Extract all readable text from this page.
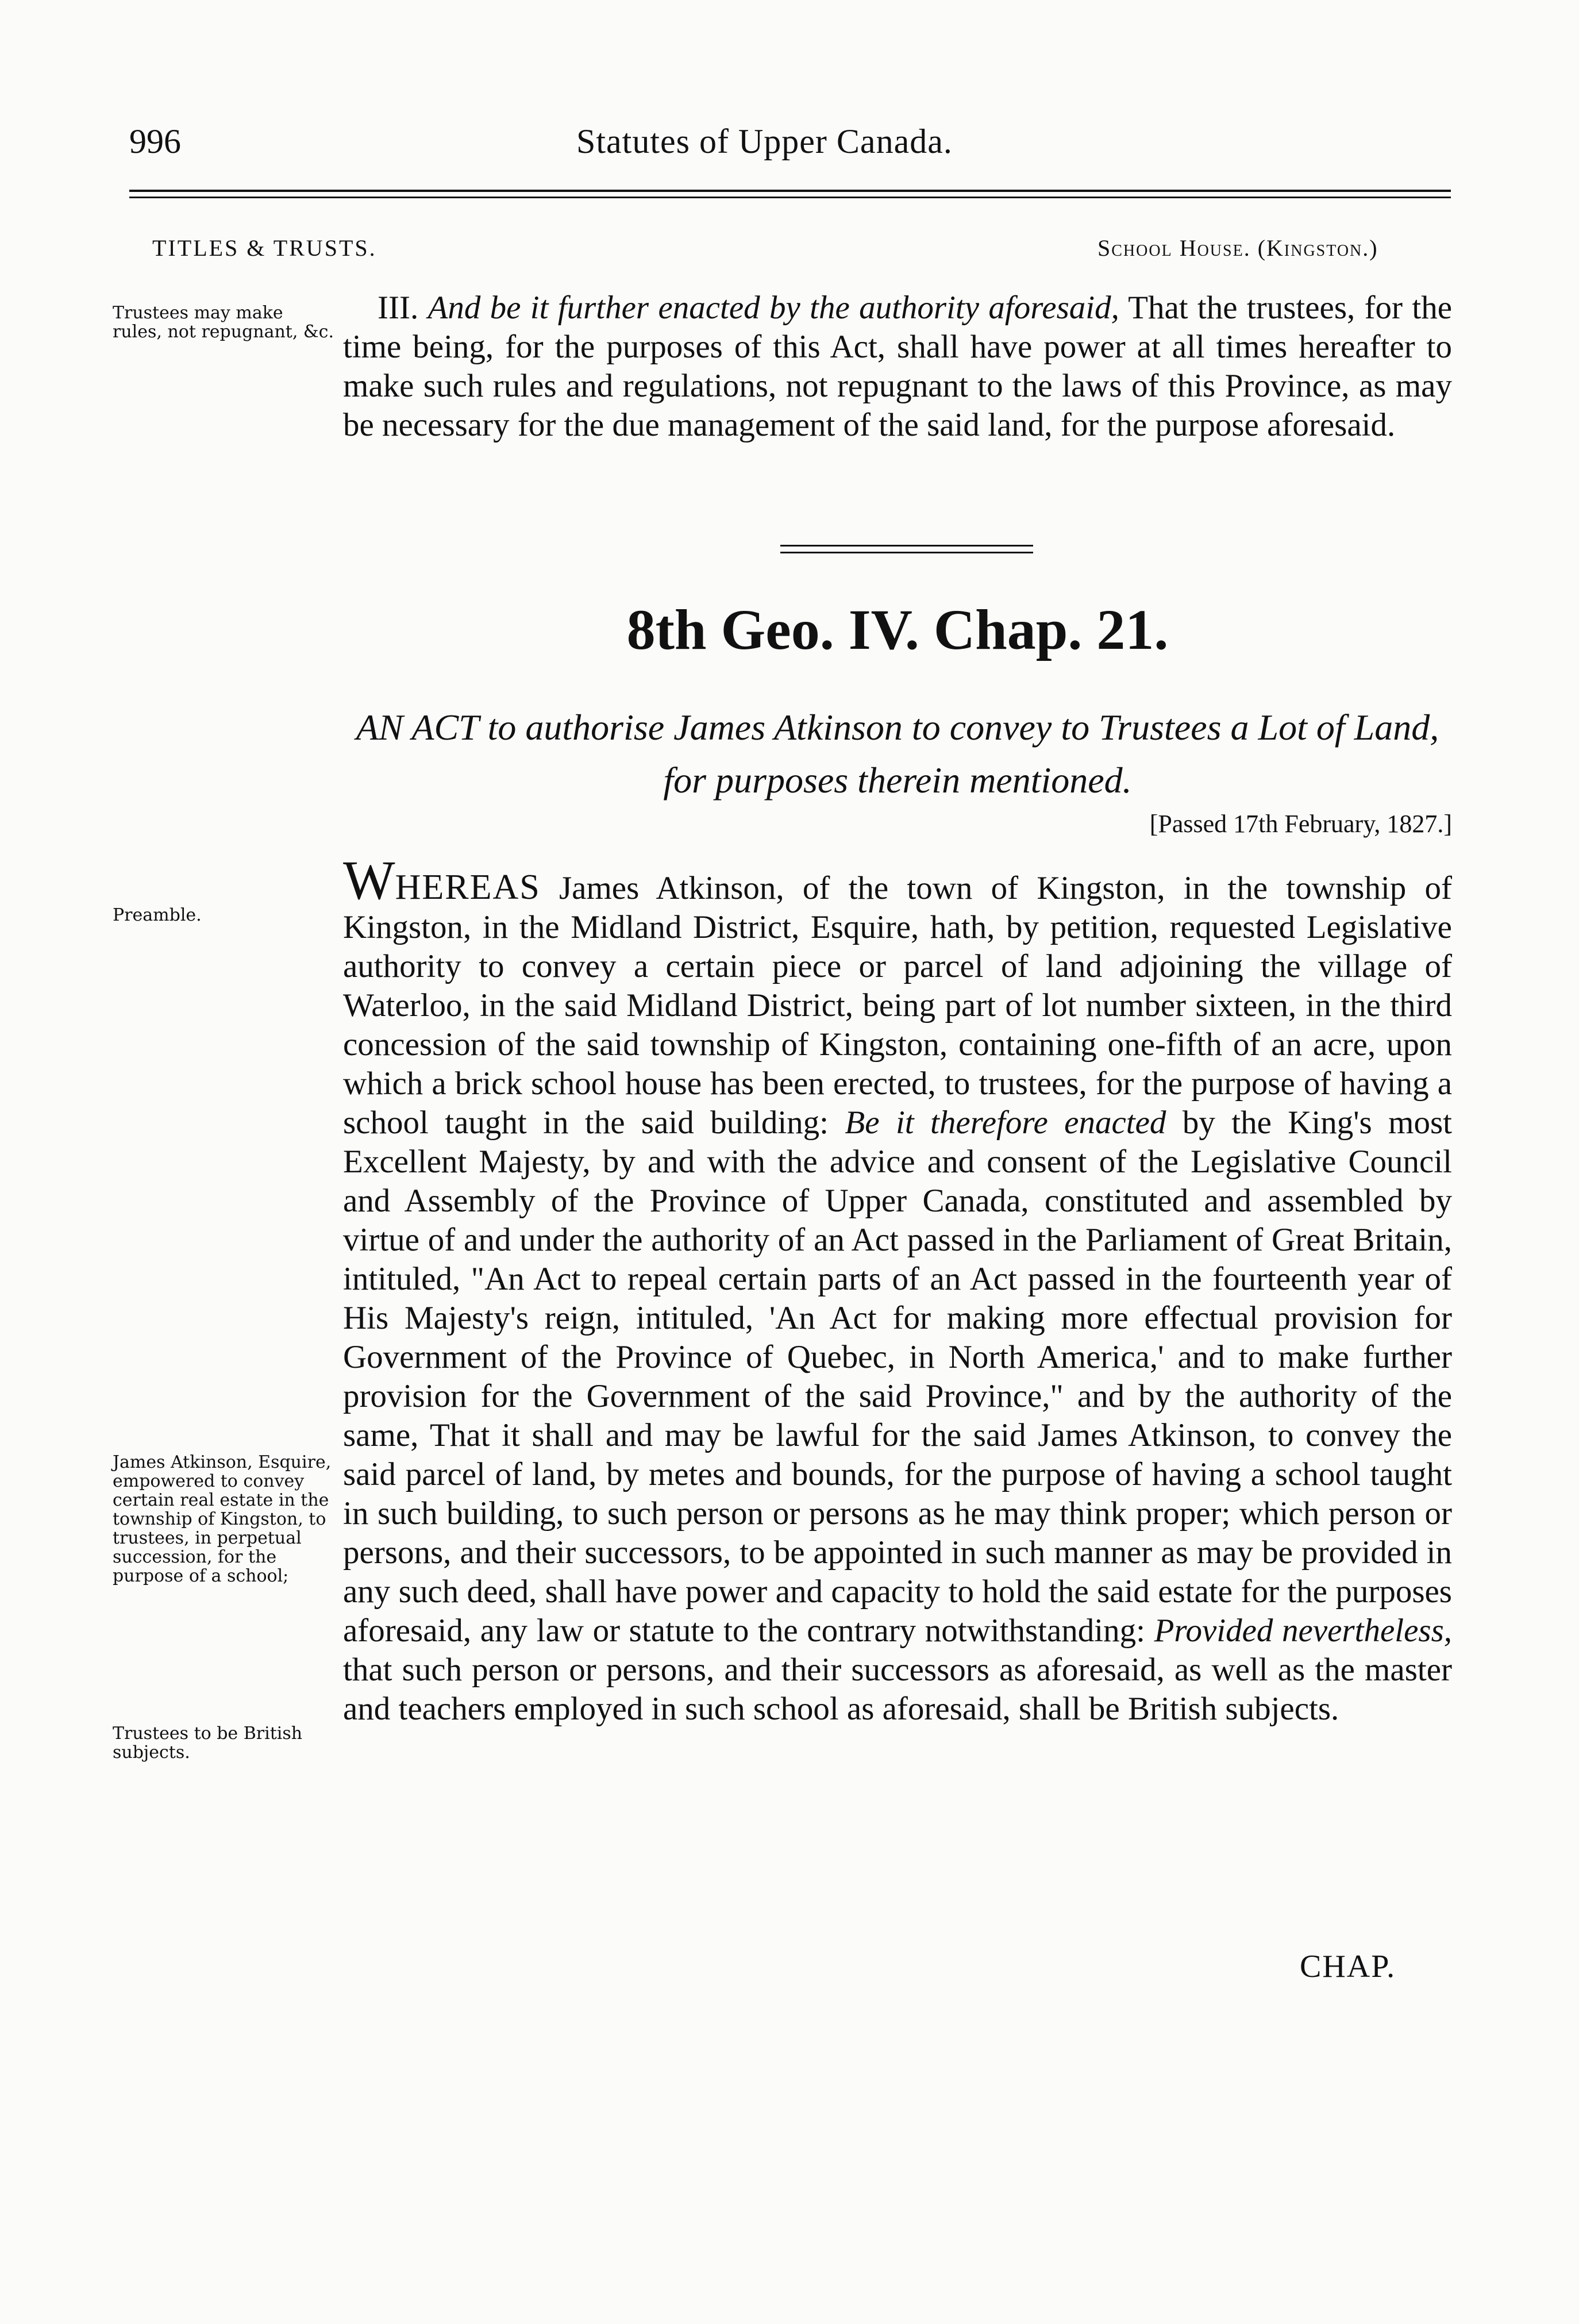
996	Statutes of Upper Canada.
TITLES & TRUSTS.	School House. (Kingston.)

III. And be it further enacted by the authority aforesaid, That the trustees, for the time being, for the purposes of this Act, shall have power at all times hereafter to make such rules and regulations, not repugnant to the laws of this Province, as may be necessary for the due management of the said land, for the purpose aforesaid.

Trustees may make rules, not repugnant, &c.
8th Geo. IV. Chap. 21.
AN ACT to authorise James Atkinson to convey to Trustees a Lot of Land,
for purposes therein mentioned.
[Passed 17th February, 1827.]

WHEREAS James Atkinson, of the town of Kingston, in the township of Kingston, in the Midland District, Esquire, hath, by petition, requested Legislative authority to convey a certain piece or parcel of land adjoining the village of Waterloo, in the said Midland District, being part of lot number sixteen, in the third concession of the said township of Kingston, containing one-fifth of an acre, upon which a brick school house has been erected, to trustees, for the purpose of having a school taught in the said building: Be it therefore enacted by the King's most Excellent Majesty, by and with the advice and consent of the Legislative Council and Assembly of the Province of Upper Canada, constituted and assembled by virtue of and under the authority of an Act passed in the Parliament of Great Britain, intituled, "An Act to repeal certain parts of an Act passed in the fourteenth year of His Majesty's reign, intituled, 'An Act for making more effectual provision for Government of the Province of Quebec, in North America,' and to make further provision for the Government of the said Province," and by the authority of the same, That it shall and may be lawful for the said James Atkinson, to convey the said parcel of land, by metes and bounds, for the purpose of having a school taught in such building, to such person or persons as he may think proper; which person or persons, and their successors, to be appointed in such manner as may be provided in any such deed, shall have power and capacity to hold the said estate for the purposes aforesaid, any law or statute to the contrary notwithstanding: Provided nevertheless, that such person or persons, and their successors as aforesaid, as well as the master and teachers employed in such school as aforesaid, shall be British subjects.

Preamble.
James Atkinson, Esquire, empowered to convey certain real estate in the township of Kingston, to trustees, in perpetual succession, for the purpose of a school;
Trustees to be British subjects.
CHAP.
